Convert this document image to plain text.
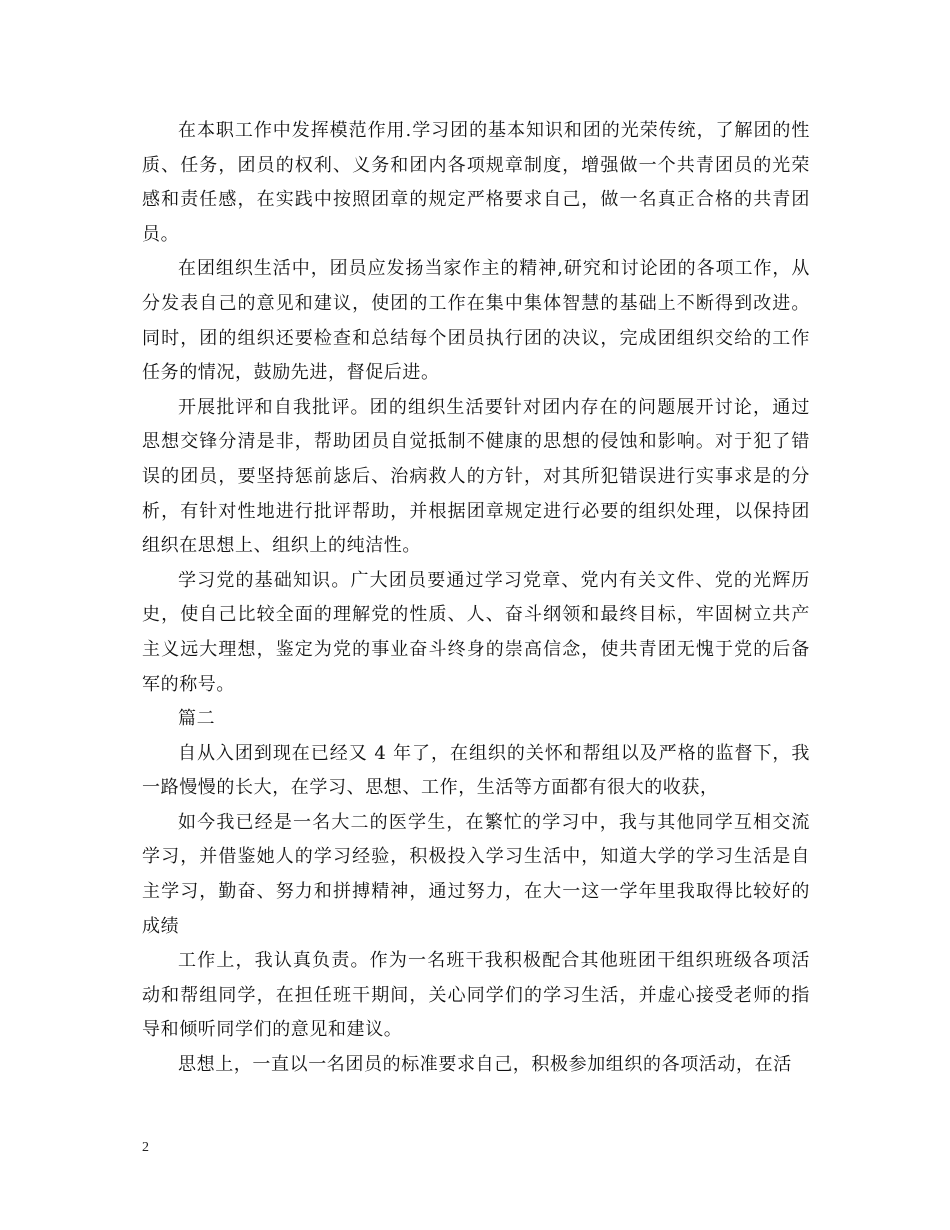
在本职工作中发挥模范作用.学习团的基本知识和团的光荣传统，了解团的性质、任务，团员的权利、义务和团内各项规章制度，增强做一个共青团员的光荣感和责任感，在实践中按照团章的规定严格要求自己，做一名真正合格的共青团员。

在团组织生活中，团员应发扬当家作主的精神,研究和讨论团的各项工作，从分发表自己的意见和建议，使团的工作在集中集体智慧的基础上不断得到改进。同时，团的组织还要检查和总结每个团员执行团的决议，完成团组织交给的工作任务的情况，鼓励先进，督促后进。

开展批评和自我批评。团的组织生活要针对团内存在的问题展开讨论，通过思想交锋分清是非，帮助团员自觉抵制不健康的思想的侵蚀和影响。对于犯了错误的团员，要坚持惩前毖后、治病救人的方针，对其所犯错误进行实事求是的分析，有针对性地进行批评帮助，并根据团章规定进行必要的组织处理，以保持团组织在思想上、组织上的纯洁性。

学习党的基础知识。广大团员要通过学习党章、党内有关文件、党的光辉历史，使自己比较全面的理解党的性质、人、奋斗纲领和最终目标，牢固树立共产主义远大理想，鉴定为党的事业奋斗终身的崇高信念，使共青团无愧于党的后备军的称号。

篇二

自从入团到现在已经又 4 年了，在组织的关怀和帮组以及严格的监督下，我一路慢慢的长大，在学习、思想、工作，生活等方面都有很大的收获，

如今我已经是一名大二的医学生，在繁忙的学习中，我与其他同学互相交流学习，并借鉴她人的学习经验，积极投入学习生活中，知道大学的学习生活是自主学习，勤奋、努力和拼搏精神，通过努力，在大一这一学年里我取得比较好的成绩

工作上，我认真负责。作为一名班干我积极配合其他班团干组织班级各项活动和帮组同学，在担任班干期间，关心同学们的学习生活，并虚心接受老师的指导和倾听同学们的意见和建议。

思想上，一直以一名团员的标准要求自己，积极参加组织的各项活动，在活

2
